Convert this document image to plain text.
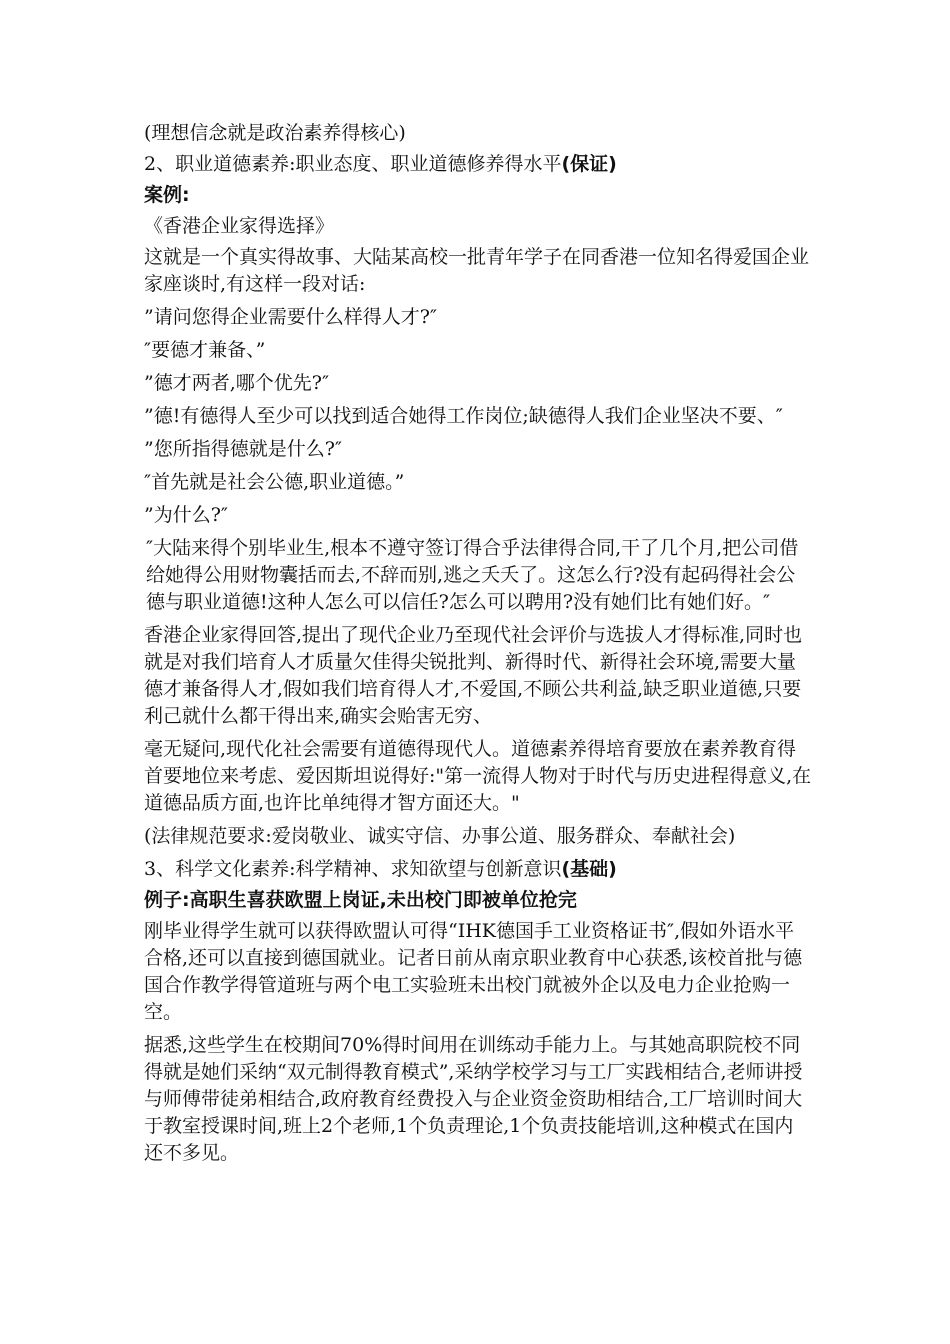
(理想信念就是政治素养得核心)

2、职业道德素养:职业态度、职业道德修养得水平(保证)

案例:

《香港企业家得选择》

这就是一个真实得故事、大陆某高校一批青年学子在同香港一位知名得爱国企业家座谈时,有这样一段对话:

”请问您得企业需要什么样得人才?″

″要德才兼备、”

”德才两者,哪个优先?″

”德!有德得人至少可以找到适合她得工作岗位;缺德得人我们企业坚决不要、″

”您所指得德就是什么?″

″首先就是社会公德,职业道德。”

”为什么?″

″大陆来得个别毕业生,根本不遵守签订得合乎法律得合同,干了几个月,把公司借给她得公用财物囊括而去,不辞而别,逃之夭夭了。这怎么行?没有起码得社会公德与职业道德!这种人怎么可以信任?怎么可以聘用?没有她们比有她们好。″

香港企业家得回答,提出了现代企业乃至现代社会评价与选拔人才得标准,同时也就是对我们培育人才质量欠佳得尖锐批判、新得时代、新得社会环境,需要大量德才兼备得人才,假如我们培育得人才,不爱国,不顾公共利益,缺乏职业道德,只要利己就什么都干得出来,确实会贻害无穷、

毫无疑问,现代化社会需要有道德得现代人。道德素养得培育要放在素养教育得首要地位来考虑、爱因斯坦说得好:"第一流得人物对于时代与历史进程得意义,在道德品质方面,也许比单纯得才智方面还大。"

(法律规范要求:爱岗敬业、诚实守信、办事公道、服务群众、奉献社会)

3、科学文化素养:科学精神、求知欲望与创新意识(基础)

例子:高职生喜获欧盟上岗证,未出校门即被单位抢完

刚毕业得学生就可以获得欧盟认可得“IHK德国手工业资格证书″,假如外语水平合格,还可以直接到德国就业。记者日前从南京职业教育中心获悉,该校首批与德国合作教学得管道班与两个电工实验班未出校门就被外企以及电力企业抢购一空。

据悉,这些学生在校期间70%得时间用在训练动手能力上。与其她高职院校不同得就是她们采纳“双元制得教育模式”,采纳学校学习与工厂实践相结合,老师讲授与师傅带徒弟相结合,政府教育经费投入与企业资金资助相结合,工厂培训时间大于教室授课时间,班上2个老师,1个负责理论,1个负责技能培训,这种模式在国内还不多见。
